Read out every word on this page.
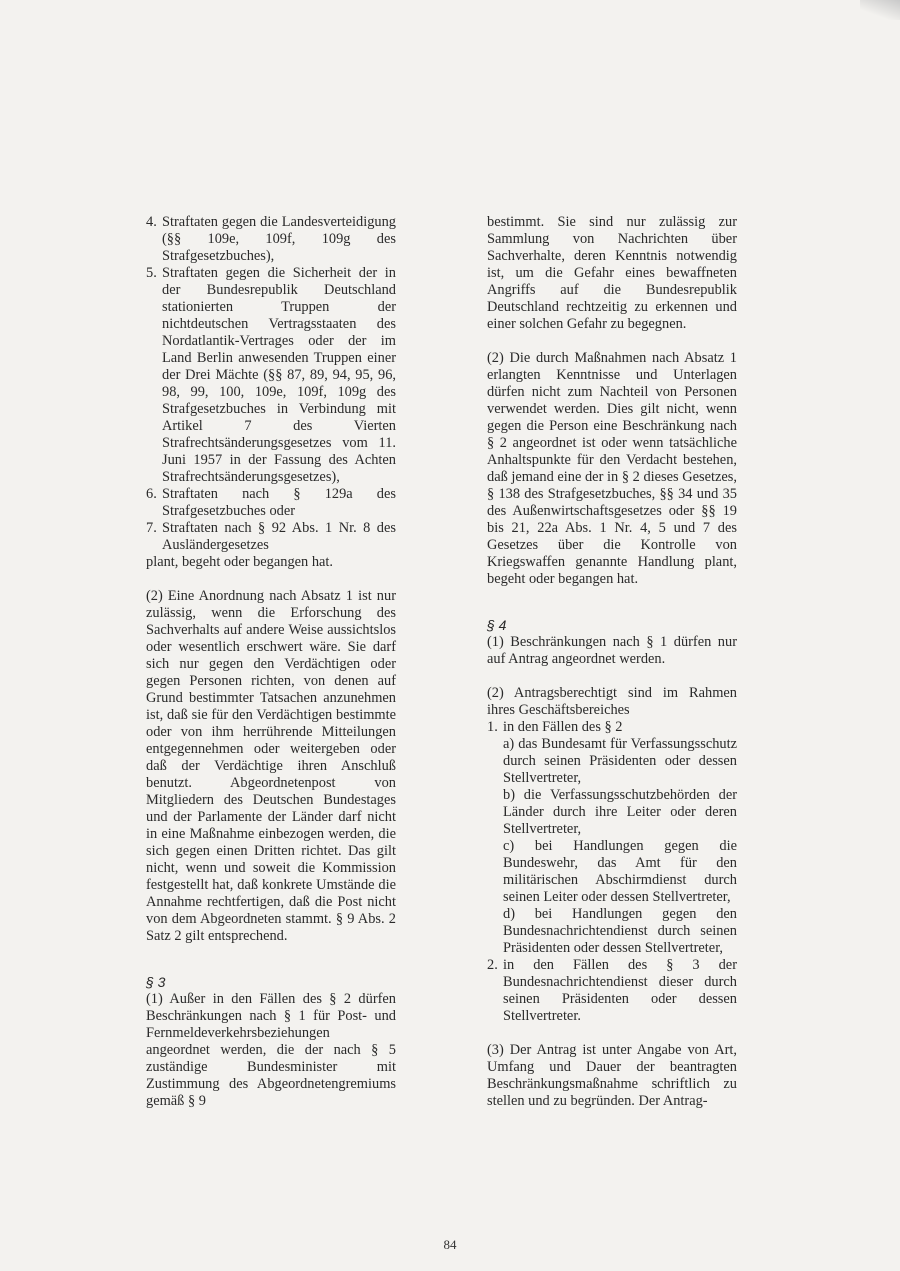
4. Straftaten gegen die Landesverteidigung (§§ 109e, 109f, 109g des Strafgesetzbuches),
5. Straftaten gegen die Sicherheit der in der Bundesrepublik Deutschland stationierten Truppen der nichtdeutschen Vertragsstaaten des Nordatlantik-Vertrages oder der im Land Berlin anwesenden Truppen einer der Drei Mächte (§§ 87, 89, 94, 95, 96, 98, 99, 100, 109e, 109f, 109g des Strafgesetzbuches in Verbindung mit Artikel 7 des Vierten Strafrechtsänderungsgesetzes vom 11. Juni 1957 in der Fassung des Achten Strafrechtsänderungsgesetzes),
6. Straftaten nach § 129a des Strafgesetzbuches oder
7. Straftaten nach § 92 Abs. 1 Nr. 8 des Ausländergesetzes

plant, begeht oder begangen hat.

(2) Eine Anordnung nach Absatz 1 ist nur zulässig, wenn die Erforschung des Sachverhalts auf andere Weise aussichtslos oder wesentlich erschwert wäre. Sie darf sich nur gegen den Verdächtigen oder gegen Personen richten, von denen auf Grund bestimmter Tatsachen anzunehmen ist, daß sie für den Verdächtigen bestimmte oder von ihm herrührende Mitteilungen entgegennehmen oder weitergeben oder daß der Verdächtige ihren Anschluß benutzt. Abgeordnetenpost von Mitgliedern des Deutschen Bundestages und der Parlamente der Länder darf nicht in eine Maßnahme einbezogen werden, die sich gegen einen Dritten richtet. Das gilt nicht, wenn und soweit die Kommission festgestellt hat, daß konkrete Umstände die Annahme rechtfertigen, daß die Post nicht von dem Abgeordneten stammt. § 9 Abs. 2 Satz 2 gilt entsprechend.

§ 3

(1) Außer in den Fällen des § 2 dürfen Beschränkungen nach § 1 für Post- und Fernmeldeverkehrsbeziehungen angeordnet werden, die der nach § 5 zuständige Bundesminister mit Zustimmung des Abgeordnetengremiums gemäß § 9

bestimmt. Sie sind nur zulässig zur Sammlung von Nachrichten über Sachverhalte, deren Kenntnis notwendig ist, um die Gefahr eines bewaffneten Angriffs auf die Bundesrepublik Deutschland rechtzeitig zu erkennen und einer solchen Gefahr zu begegnen.

(2) Die durch Maßnahmen nach Absatz 1 erlangten Kenntnisse und Unterlagen dürfen nicht zum Nachteil von Personen verwendet werden. Dies gilt nicht, wenn gegen die Person eine Beschränkung nach § 2 angeordnet ist oder wenn tatsächliche Anhaltspunkte für den Verdacht bestehen, daß jemand eine der in § 2 dieses Gesetzes, § 138 des Strafgesetzbuches, §§ 34 und 35 des Außenwirtschaftsgesetzes oder §§ 19 bis 21, 22a Abs. 1 Nr. 4, 5 und 7 des Gesetzes über die Kontrolle von Kriegswaffen genannte Handlung plant, begeht oder begangen hat.

§ 4

(1) Beschränkungen nach § 1 dürfen nur auf Antrag angeordnet werden.

(2) Antragsberechtigt sind im Rahmen ihres Geschäftsbereiches

1. in den Fällen des § 2

a) das Bundesamt für Verfassungsschutz durch seinen Präsidenten oder dessen Stellvertreter,

b) die Verfassungsschutzbehörden der Länder durch ihre Leiter oder deren Stellvertreter,

c) bei Handlungen gegen die Bundeswehr, das Amt für den militärischen Abschirmdienst durch seinen Leiter oder dessen Stellvertreter,

d) bei Handlungen gegen den Bundesnachrichtendienst durch seinen Präsidenten oder dessen Stellvertreter,

2. in den Fällen des § 3 der Bundesnachrichtendienst dieser durch seinen Präsidenten oder dessen Stellvertreter.

(3) Der Antrag ist unter Angabe von Art, Umfang und Dauer der beantragten Beschränkungsmaßnahme schriftlich zu stellen und zu begründen. Der Antrag-

84
